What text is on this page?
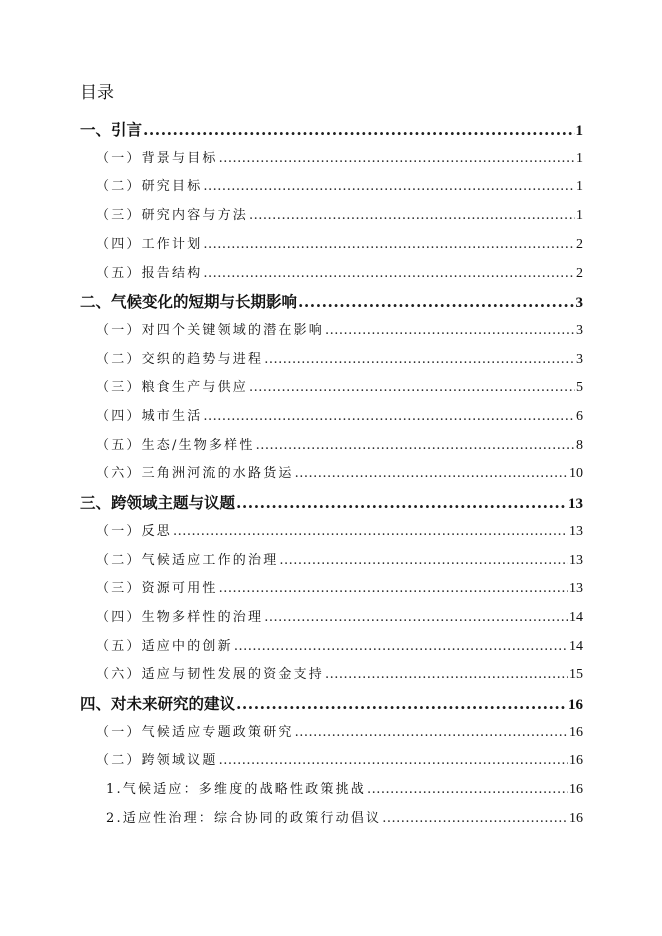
目录
一、引言 .....	1
（一）背景与目标 .....	1
（二）研究目标 .....	1
（三）研究内容与方法 .....	1
（四）工作计划 .....	2
（五）报告结构 .....	2
二、气候变化的短期与长期影响 .....	3
（一）对四个关键领域的潜在影响 .....	3
（二）交织的趋势与进程 .....	3
（三）粮食生产与供应 .....	5
（四）城市生活 .....	6
（五）生态/生物多样性 .....	8
（六）三角洲河流的水路货运 .....	10
三、跨领域主题与议题 .....	13
（一）反思 .....	13
（二）气候适应工作的治理 .....	13
（三）资源可用性 .....	13
（四）生物多样性的治理 .....	14
（五）适应中的创新 .....	14
（六）适应与韧性发展的资金支持 .....	15
四、对未来研究的建议 .....	16
（一）气候适应专题政策研究 .....	16
（二）跨领域议题 .....	16
1.气候适应：多维度的战略性政策挑战 .....	16
2.适应性治理：综合协同的政策行动倡议 .....	16
